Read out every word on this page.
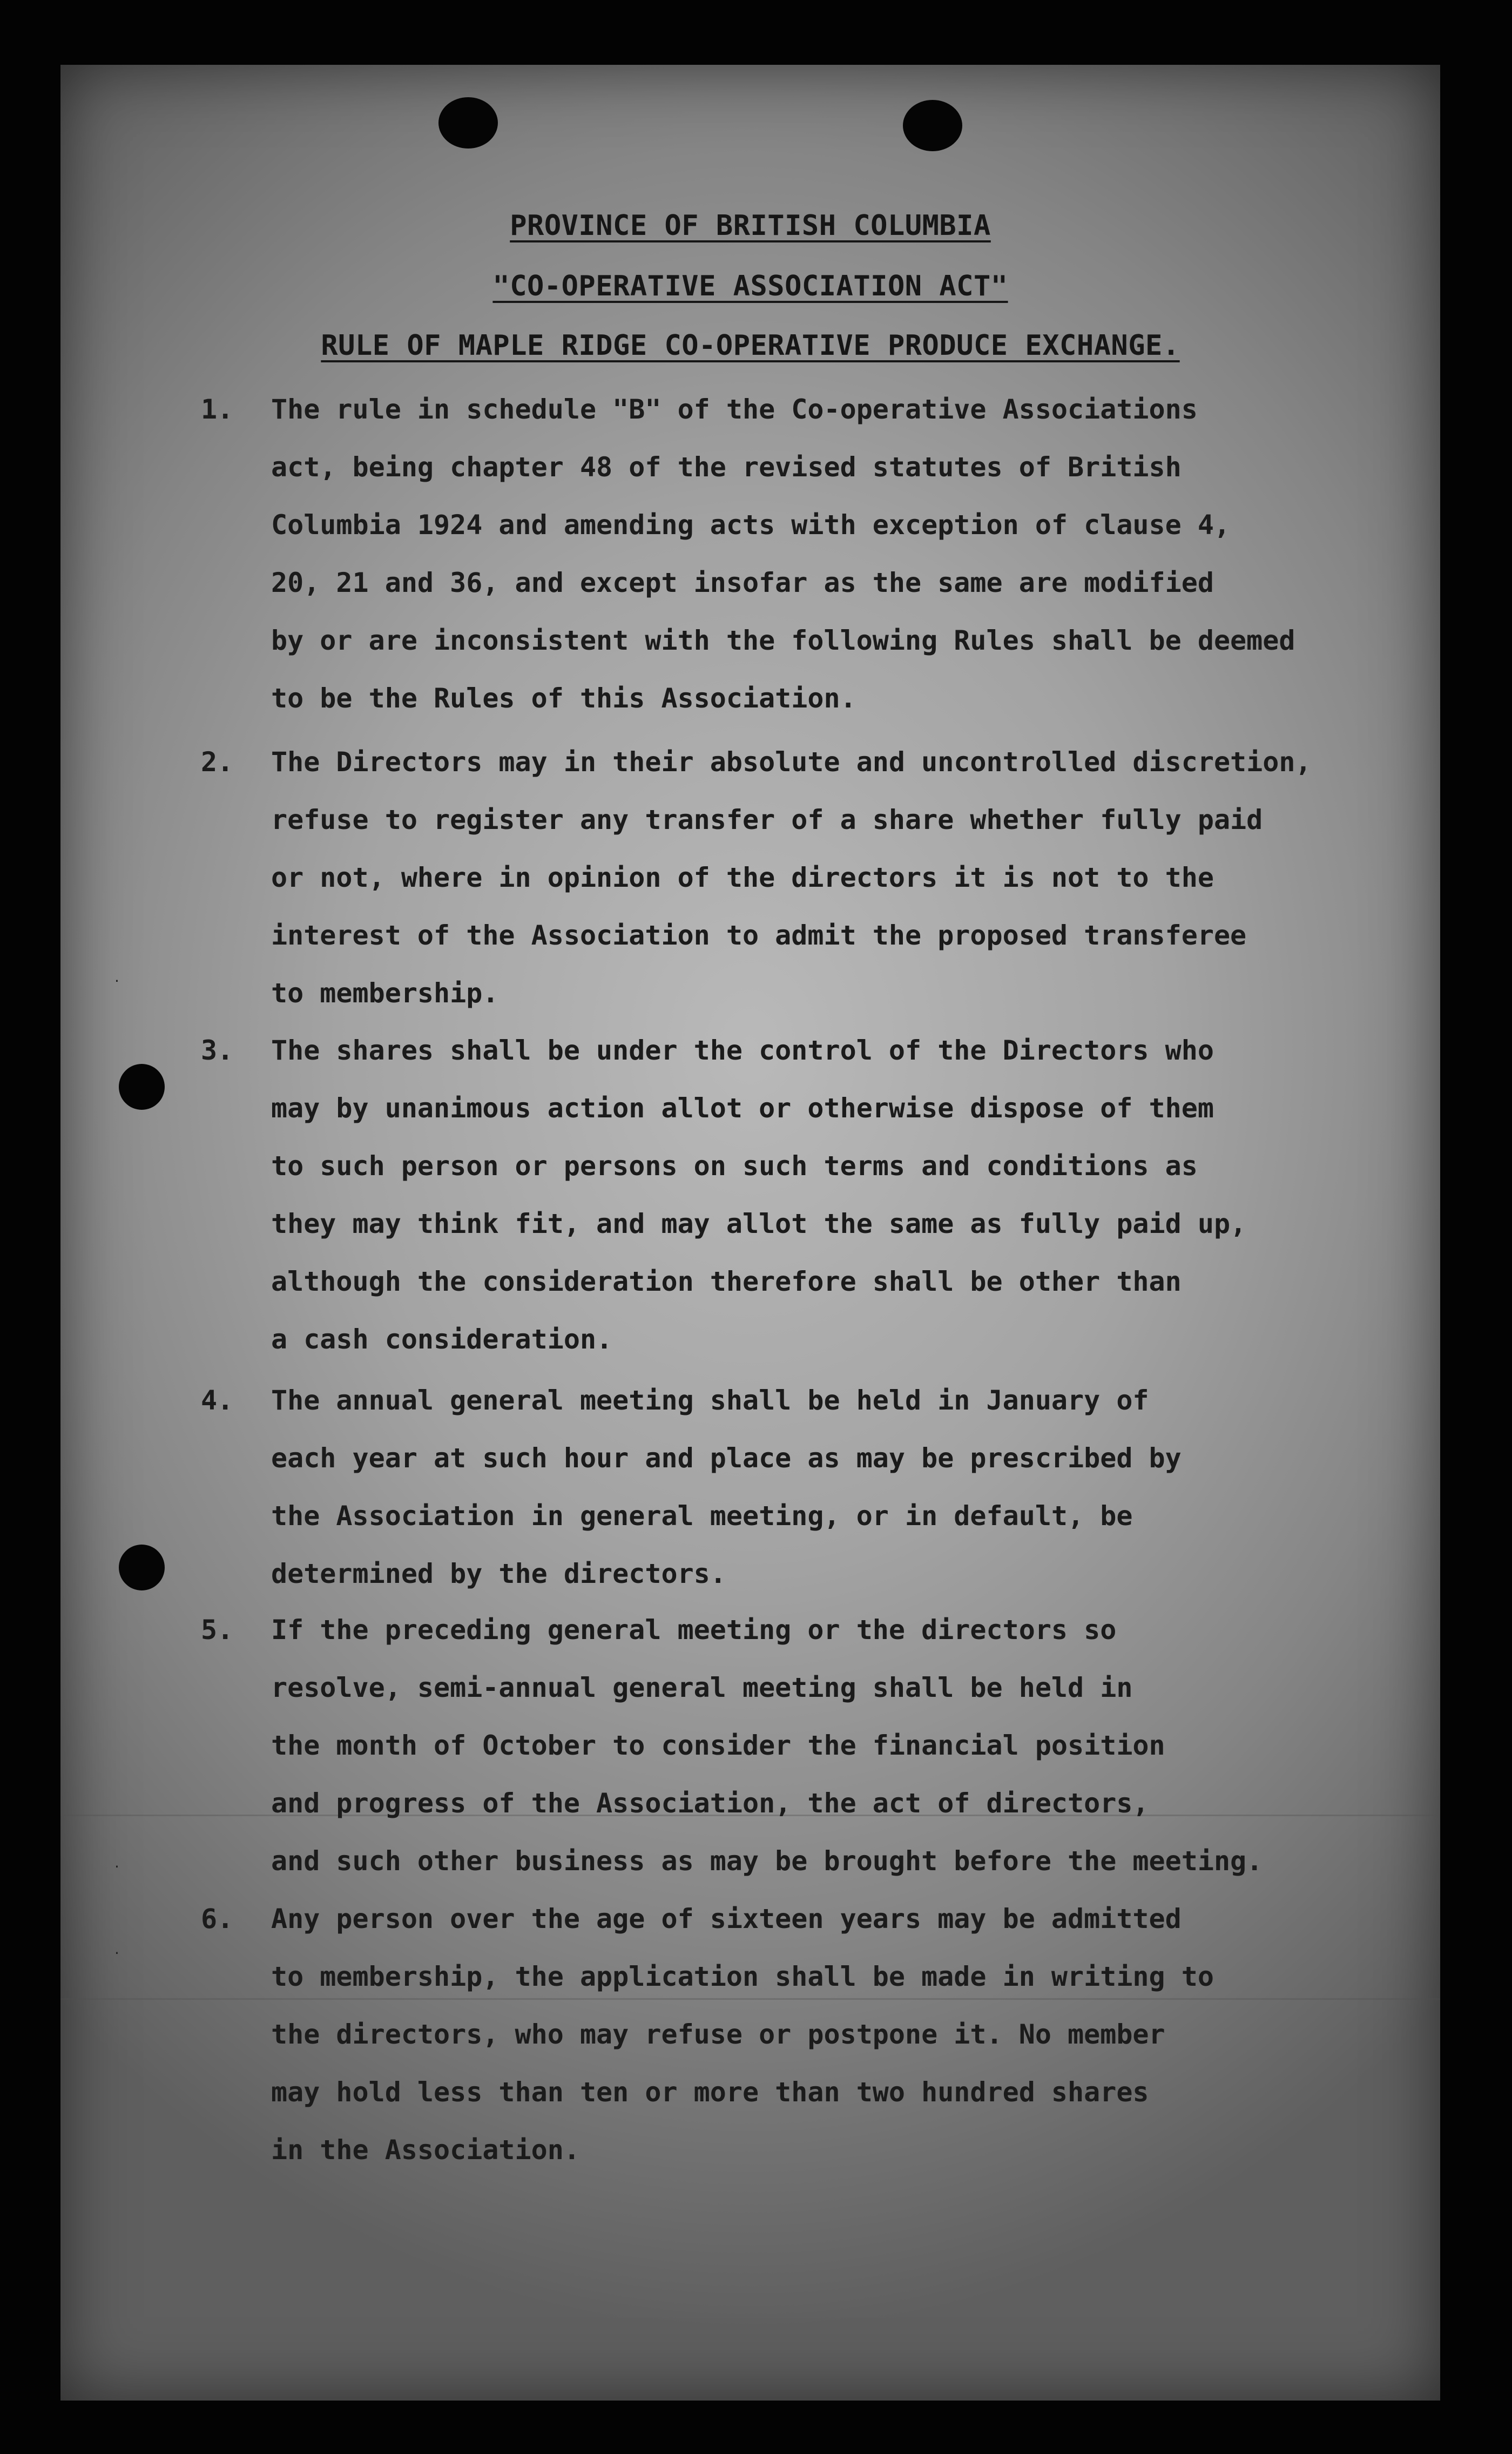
·
·
·
PROVINCE OF BRITISH COLUMBIA
"CO-OPERATIVE ASSOCIATION ACT"
RULE OF MAPLE RIDGE CO-OPERATIVE PRODUCE EXCHANGE.
1.	The rule in schedule "B" of the Co-operative Associations
act, being chapter 48 of the revised statutes of British
Columbia 1924 and amending acts with exception of clause 4,
20, 21 and 36, and except insofar as the same are modified
by or are inconsistent with the following Rules shall be deemed
to be the Rules of this Association.
2.	The Directors may in their absolute and uncontrolled discretion,
refuse to register any transfer of a share whether fully paid
or not, where in opinion of the directors it is not to the
interest of the Association to admit the proposed transferee
to membership.
3.	The shares shall be under the control of the Directors who
may by unanimous action allot or otherwise dispose of them
to such person or persons on such terms and conditions as
they may think fit, and may allot the same as fully paid up,
although the consideration therefore shall be other than
a cash consideration.
4.	The annual general meeting shall be held in January of
each year at such hour and place as may be prescribed by
the Association in general meeting, or in default, be
determined by the directors.
5.	If the preceding general meeting or the directors so
resolve, semi-annual general meeting shall be held in
the month of October to consider the financial position
and progress of the Association, the act of directors,
and such other business as may be brought before the meeting.
6.	Any person over the age of sixteen years may be admitted
to membership, the application shall be made in writing to
the directors, who may refuse or postpone it. No member
may hold less than ten or more than two hundred shares
in the Association.
